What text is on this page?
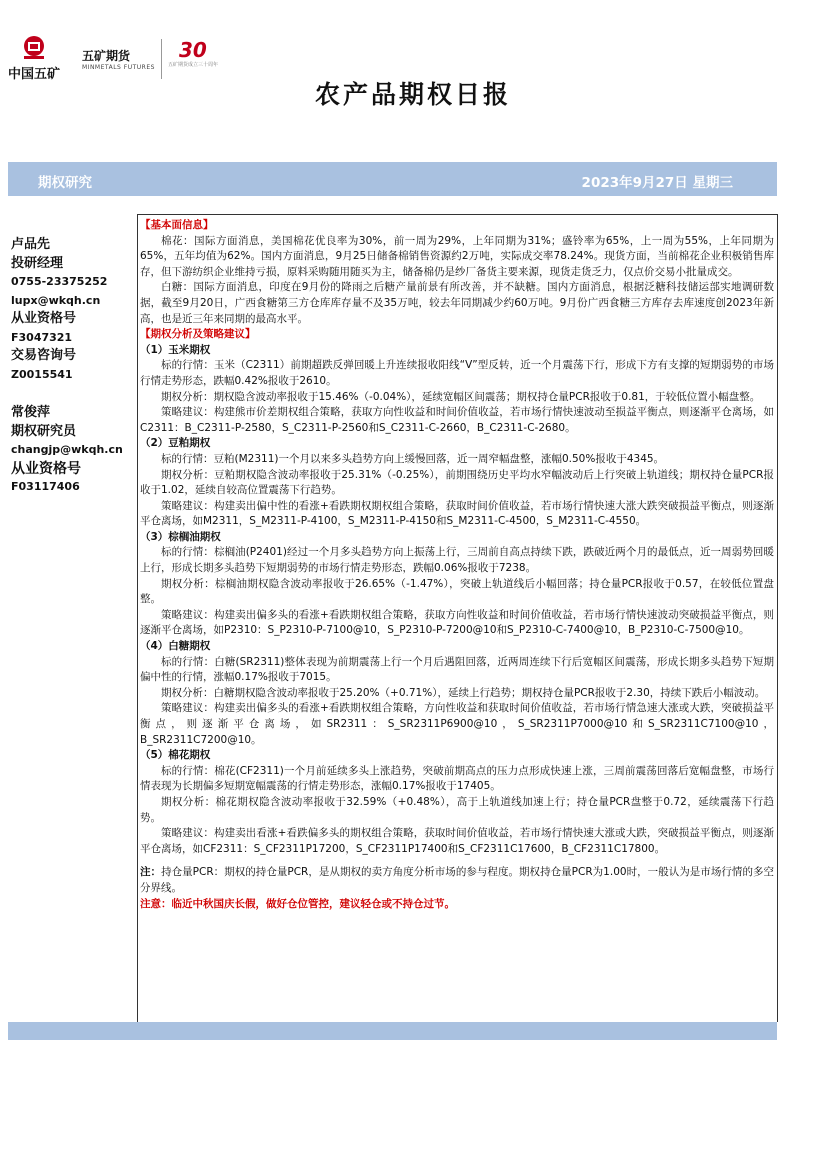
中国五矿
五矿期货
MINMETALS FUTURES
30
五矿期货成立三十周年
农产品期权日报
期权研究	2023年9月27日 星期三
卢品先
投研经理
0755-23375252
lupx@wkqh.cn
从业资格号
F3047321
交易咨询号
Z0015541
常俊萍
期权研究员
changjp@wkqh.cn
从业资格号
F03117406

【基本面信息】

棉花：国际方面消息，美国棉花优良率为30%，前一周为29%，上年同期为31%；盛铃率为65%，上一周为55%，上年同期为65%，五年均值为62%。国内方面消息，9月25日储备棉销售资源约2万吨，实际成交率78.24%。现货方面，当前棉花企业积极销售库存，但下游纺织企业维持亏损，原料采购随用随买为主，储备棉仍是纱厂备货主要来源，现货走货乏力，仅点价交易小批量成交。

白糖：国际方面消息，印度在9月份的降雨之后糖产量前景有所改善，并不缺糖。国内方面消息，根据泛糖科技储运部实地调研数据，截至9月20日，广西食糖第三方仓库库存量不及35万吨，较去年同期减少约60万吨。9月份广西食糖三方库存去库速度创2023年新高，也是近三年来同期的最高水平。

【期权分析及策略建议】

（1）玉米期权

标的行情：玉米（C2311）前期超跌反弹回暖上升连续报收阳线“V”型反转，近一个月震荡下行，形成下方有支撑的短期弱势的市场行情走势形态，跌幅0.42%报收于2610。

期权分析：期权隐含波动率报收于15.46%（-0.04%），延续宽幅区间震荡；期权持仓量PCR报收于0.81，于较低位置小幅盘整。

策略建议：构建熊市价差期权组合策略，获取方向性收益和时间价值收益，若市场行情快速波动至损益平衡点，则逐渐平仓离场，如C2311：B_C2311-P-2580，S_C2311-P-2560和S_C2311-C-2660，B_C2311-C-2680。

（2）豆粕期权

标的行情：豆粕(M2311)一个月以来多头趋势方向上缓慢回落，近一周窄幅盘整，涨幅0.50%报收于4345。

期权分析：豆粕期权隐含波动率报收于25.31%（-0.25%），前期围绕历史平均水窄幅波动后上行突破上轨道线；期权持仓量PCR报收于1.02，延续自较高位置震荡下行趋势。

策略建议：构建卖出偏中性的看涨+看跌期权期权组合策略，获取时间价值收益，若市场行情快速大涨大跌突破损益平衡点，则逐渐平仓离场，如M2311，S_M2311-P-4100，S_M2311-P-4150和S_M2311-C-4500，S_M2311-C-4550。

（3）棕榈油期权

标的行情：棕榈油(P2401)经过一个月多头趋势方向上振荡上行，三周前自高点持续下跌，跌破近两个月的最低点，近一周弱势回暖上行，形成长期多头趋势下短期弱势的市场行情走势形态，跌幅0.06%报收于7238。

期权分析：棕榈油期权隐含波动率报收于26.65%（-1.47%），突破上轨道线后小幅回落；持仓量PCR报收于0.57，在较低位置盘整。

策略建议：构建卖出偏多头的看涨+看跌期权组合策略，获取方向性收益和时间价值收益，若市场行情快速波动突破损益平衡点，则逐渐平仓离场，如P2310：S_P2310-P-7100@10，S_P2310-P-7200@10和S_P2310-C-7400@10，B_P2310-C-7500@10。

（4）白糖期权

标的行情：白糖(SR2311)整体表现为前期震荡上行一个月后遇阻回落，近两周连续下行后宽幅区间震荡，形成长期多头趋势下短期偏中性的行情，涨幅0.17%报收于7015。

期权分析：白糖期权隐含波动率报收于25.20%（+0.71%），延续上行趋势；期权持仓量PCR报收于2.30，持续下跌后小幅波动。

策略建议：构建卖出偏多头的看涨+看跌期权组合策略，方向性收益和获取时间价值收益，若市场行情急速大涨或大跌，突破损益平衡点，则逐渐平仓离场，如SR2311：S_SR2311P6900@10，S_SR2311P7000@10和S_SR2311C7100@10，B_SR2311C7200@10。

（5）棉花期权

标的行情：棉花(CF2311)一个月前延续多头上涨趋势，突破前期高点的压力点形成快速上涨，三周前震荡回落后宽幅盘整，市场行情表现为长期偏多短期宽幅震荡的行情走势形态，涨幅0.17%报收于17405。

期权分析：棉花期权隐含波动率报收于32.59%（+0.48%），高于上轨道线加速上行；持仓量PCR盘整于0.72，延续震荡下行趋势。

策略建议：构建卖出看涨+看跌偏多头的期权组合策略，获取时间价值收益，若市场行情快速大涨或大跌，突破损益平衡点，则逐渐平仓离场，如CF2311：S_CF2311P17200，S_CF2311P17400和S_CF2311C17600，B_CF2311C17800。

注：持仓量PCR：期权的持仓量PCR，是从期权的卖方角度分析市场的参与程度。期权持仓量PCR为1.00时，一般认为是市场行情的多空分界线。

注意：临近中秋国庆长假，做好仓位管控，建议轻仓或不持仓过节。
